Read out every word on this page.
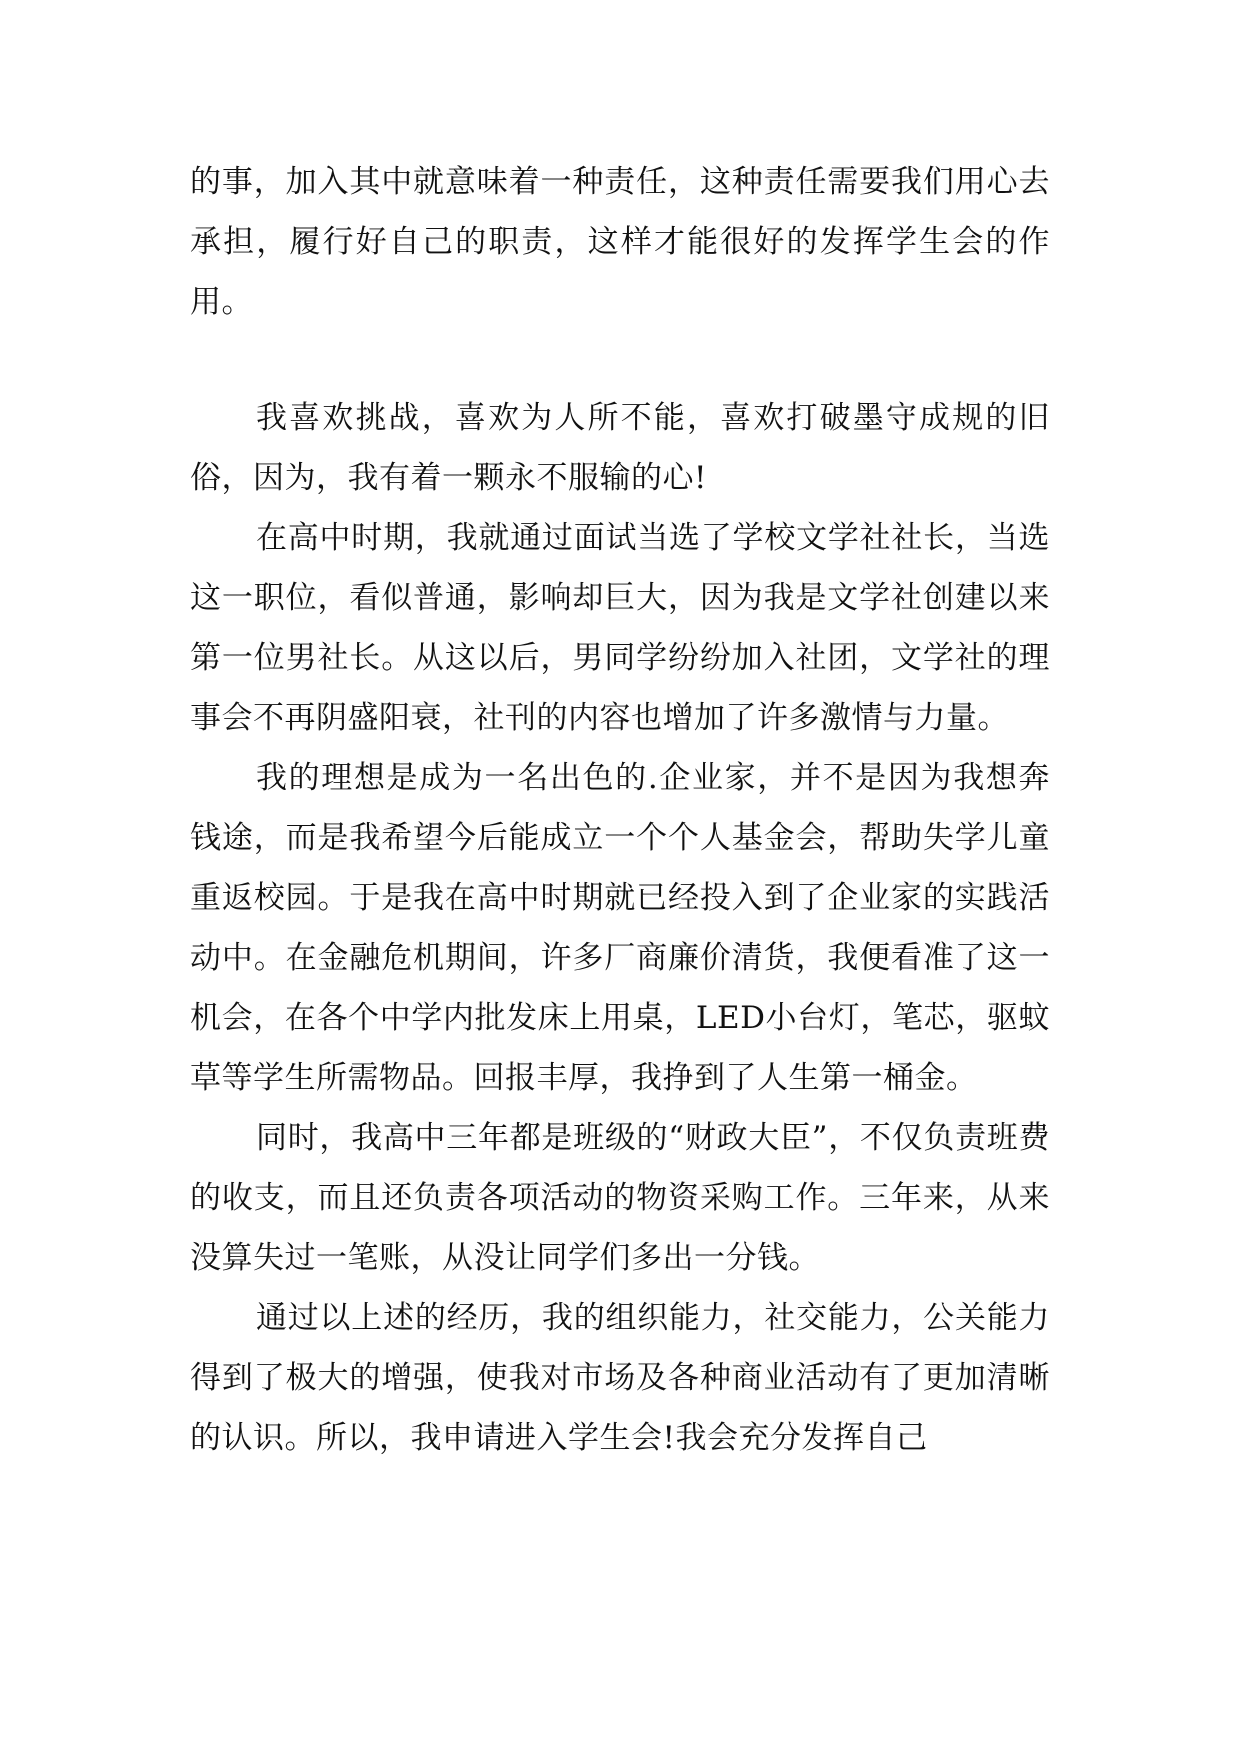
的事，加入其中就意味着一种责任，这种责任需要我们用心去承担，履行好自己的职责，这样才能很好的发挥学生会的作用。

我喜欢挑战，喜欢为人所不能，喜欢打破墨守成规的旧俗，因为，我有着一颗永不服输的心!

在高中时期，我就通过面试当选了学校文学社社长，当选这一职位，看似普通，影响却巨大，因为我是文学社创建以来第一位男社长。从这以后，男同学纷纷加入社团，文学社的理事会不再阴盛阳衰，社刊的内容也增加了许多激情与力量。

我的理想是成为一名出色的.企业家，并不是因为我想奔钱途，而是我希望今后能成立一个个人基金会，帮助失学儿童重返校园。于是我在高中时期就已经投入到了企业家的实践活动中。在金融危机期间，许多厂商廉价清货，我便看准了这一机会，在各个中学内批发床上用桌，LED小台灯，笔芯，驱蚊草等学生所需物品。回报丰厚，我挣到了人生第一桶金。

同时，我高中三年都是班级的“财政大臣”，不仅负责班费的收支，而且还负责各项活动的物资采购工作。三年来，从来没算失过一笔账，从没让同学们多出一分钱。

通过以上述的经历，我的组织能力，社交能力，公关能力得到了极大的增强，使我对市场及各种商业活动有了更加清晰的认识。所以，我申请进入学生会!我会充分发挥自己
